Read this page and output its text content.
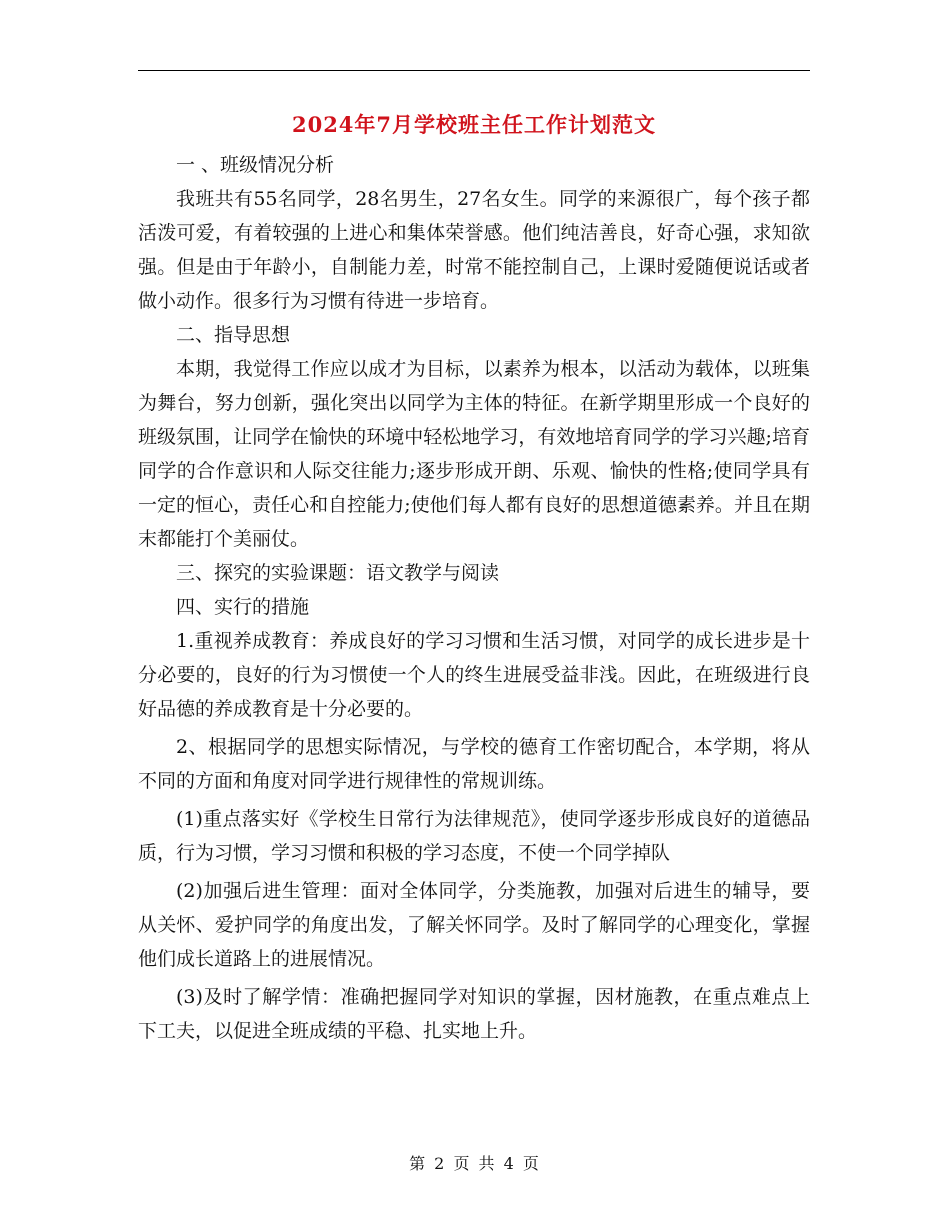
2024年7月学校班主任工作计划范文

一 、班级情况分析

我班共有55名同学，28名男生，27名女生。同学的来源很广，每个孩子都活泼可爱，有着较强的上进心和集体荣誉感。他们纯洁善良，好奇心强，求知欲强。但是由于年龄小，自制能力差，时常不能控制自己，上课时爱随便说话或者做小动作。很多行为习惯有待进一步培育。

二、指导思想

本期，我觉得工作应以成才为目标，以素养为根本，以活动为载体，以班集为舞台，努力创新，强化突出以同学为主体的特征。在新学期里形成一个良好的班级氛围，让同学在愉快的环境中轻松地学习，有效地培育同学的学习兴趣;培育同学的合作意识和人际交往能力;逐步形成开朗、乐观、愉快的性格;使同学具有一定的恒心，责任心和自控能力;使他们每人都有良好的思想道德素养。并且在期末都能打个美丽仗。

三、探究的实验课题：语文教学与阅读

四、实行的措施

1.重视养成教育：养成良好的学习习惯和生活习惯，对同学的成长进步是十分必要的，良好的行为习惯使一个人的终生进展受益非浅。因此，在班级进行良好品德的养成教育是十分必要的。

2、根据同学的思想实际情况，与学校的德育工作密切配合，本学期，将从不同的方面和角度对同学进行规律性的常规训练。

(1)重点落实好《学校生日常行为法律规范》，使同学逐步形成良好的道德品质，行为习惯，学习习惯和积极的学习态度，不使一个同学掉队

(2)加强后进生管理：面对全体同学，分类施教，加强对后进生的辅导，要从关怀、爱护同学的角度出发，了解关怀同学。及时了解同学的心理变化，掌握他们成长道路上的进展情况。

(3)及时了解学情：准确把握同学对知识的掌握，因材施教，在重点难点上下工夫，以促进全班成绩的平稳、扎实地上升。

第 2 页 共 4 页
